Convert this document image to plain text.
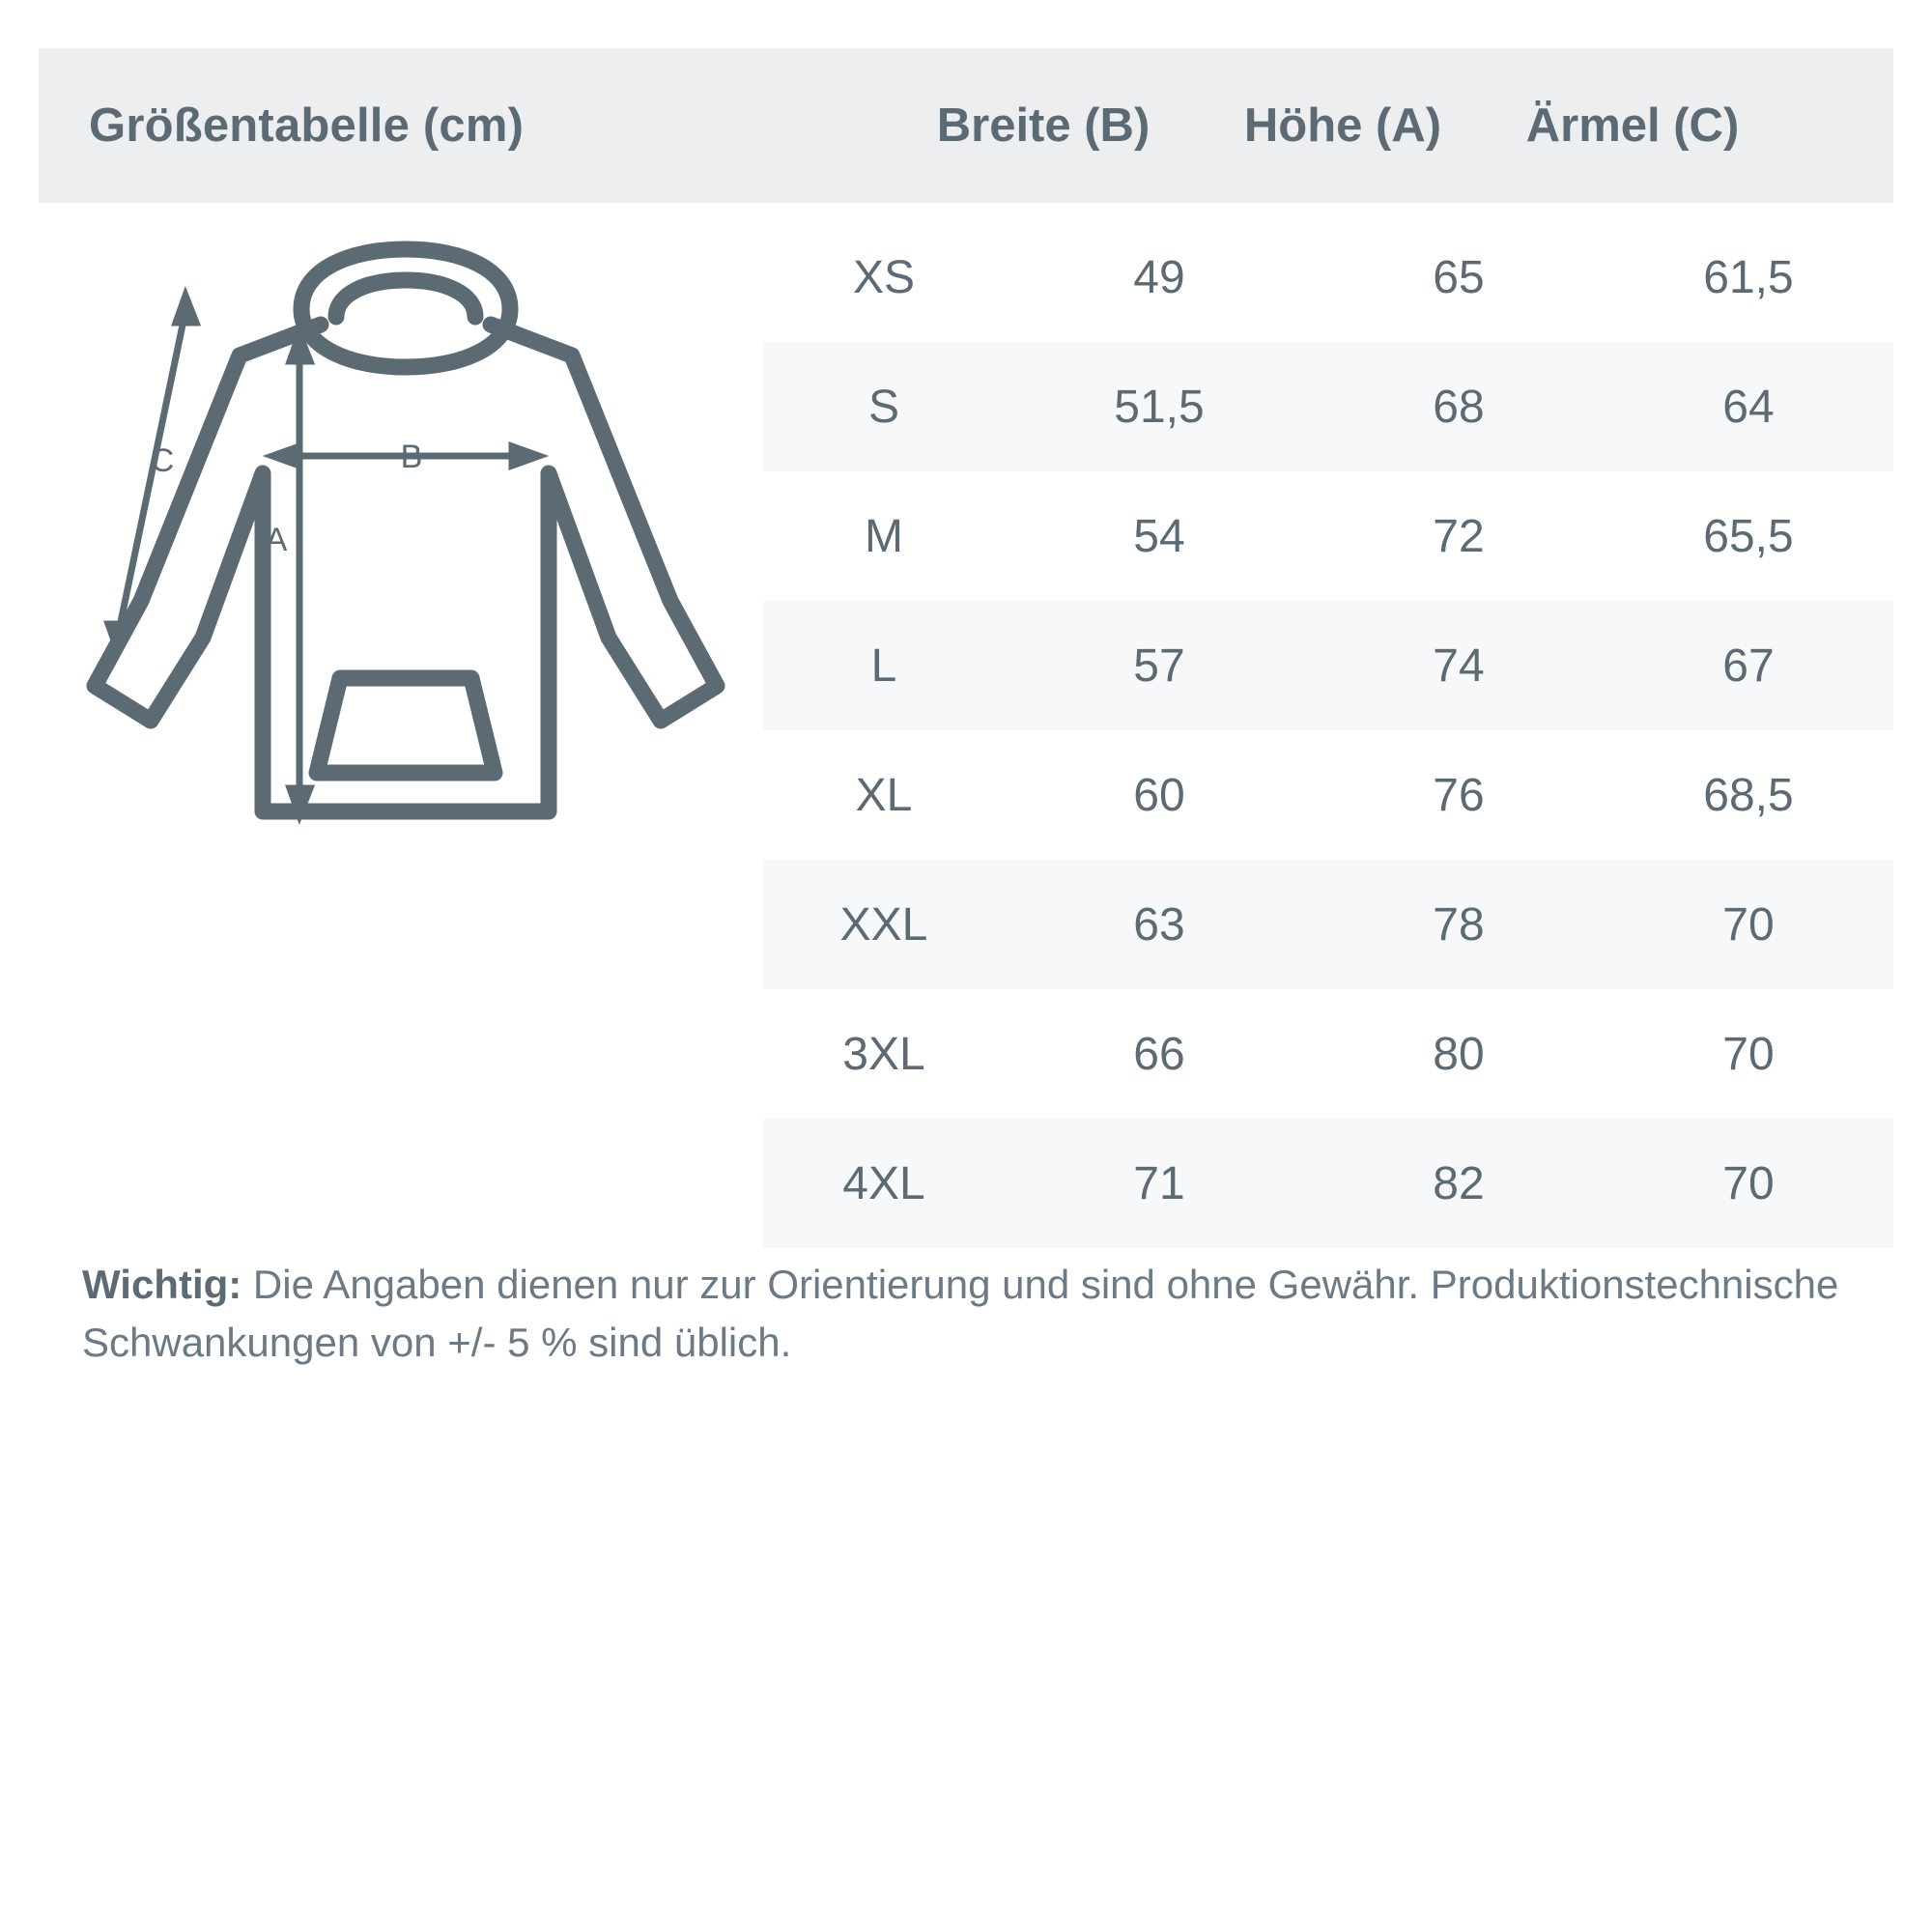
Größentabelle (cm)	Breite (B)	Höhe (A)	Ärmel (C)
C	B
A
XS	49	65	61,5
S	51,5	68	64
M	54	72	65,5
L	57	74	67
XL	60	76	68,5
XXL	63	78	70
3XL	66	80	70
4XL	71	82	70
Wichtig: Die Angaben dienen nur zur Orientierung und sind ohne Gewähr. Produktionstechnische Schwankungen von +/- 5 % sind üblich.
